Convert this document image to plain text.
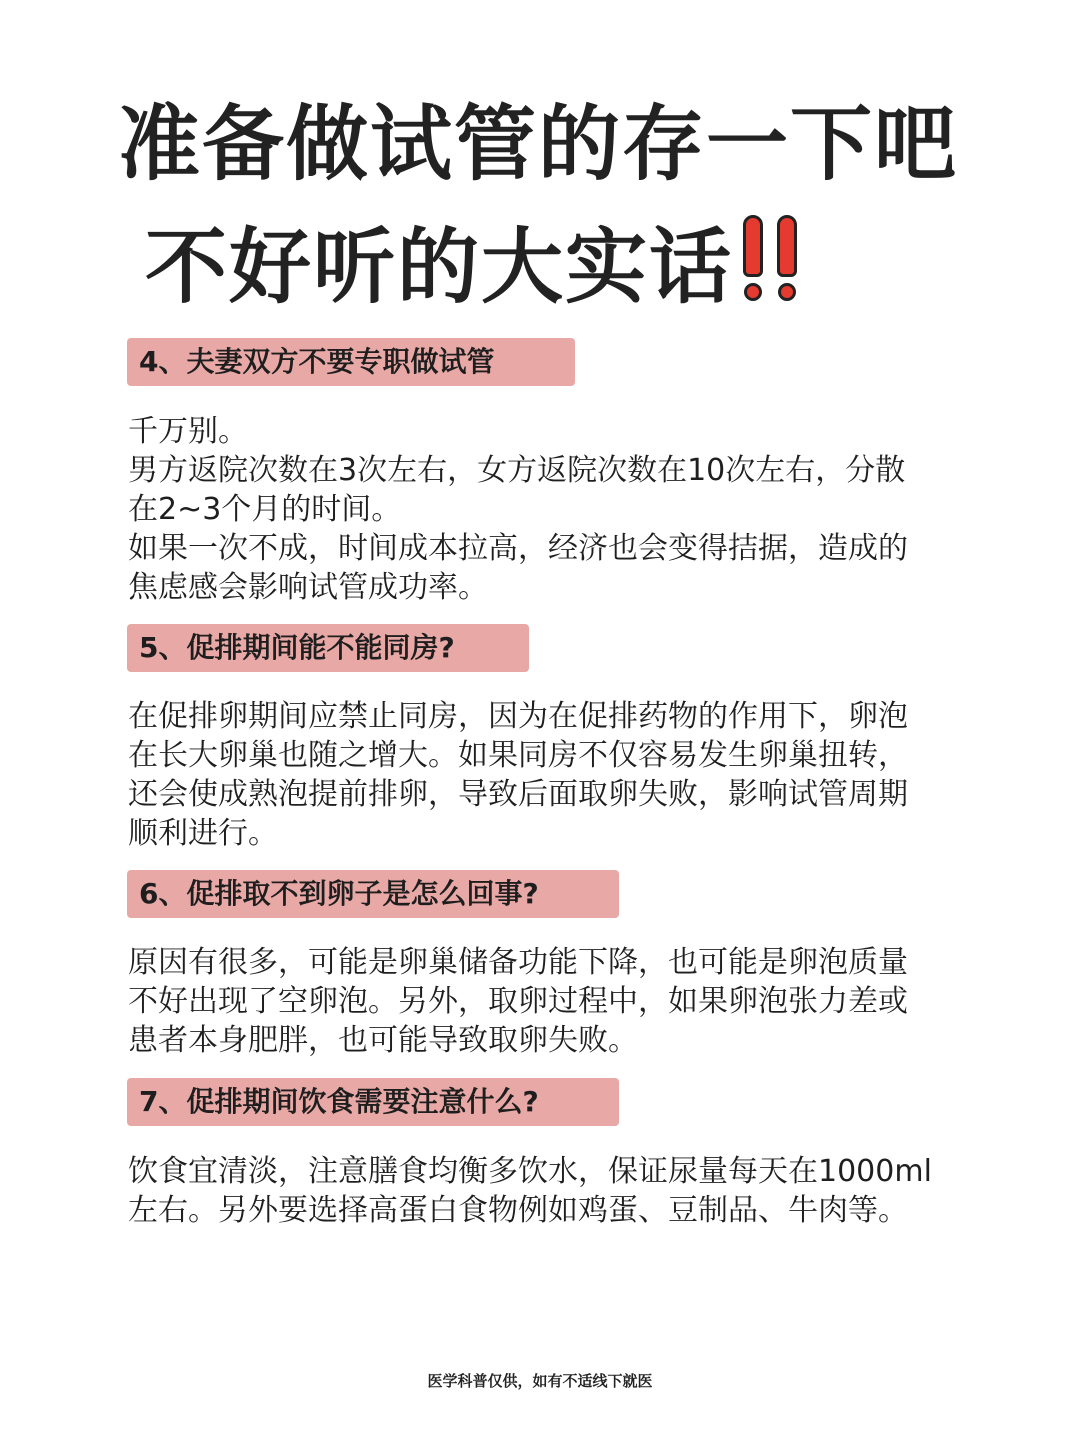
准备做试管的存一下吧
不好听的大实话
4、夫妻双方不要专职做试管
千万别。
男方返院次数在3次左右，女方返院次数在10次左右，分散
在2~3个月的时间。
如果一次不成，时间成本拉高，经济也会变得拮据，造成的
焦虑感会影响试管成功率。
5、促排期间能不能同房?
在促排卵期间应禁止同房，因为在促排药物的作用下，卵泡
在长大卵巢也随之增大。如果同房不仅容易发生卵巢扭转，
还会使成熟泡提前排卵，导致后面取卵失败，影响试管周期
顺利进行。
6、促排取不到卵子是怎么回事?
原因有很多，可能是卵巢储备功能下降，也可能是卵泡质量
不好出现了空卵泡。另外，取卵过程中，如果卵泡张力差或
患者本身肥胖，也可能导致取卵失败。
7、促排期间饮食需要注意什么?
饮食宜清淡，注意膳食均衡多饮水，保证尿量每天在1000ml
左右。另外要选择高蛋白食物例如鸡蛋、豆制品、牛肉等。
医学科普仅供，如有不适线下就医
